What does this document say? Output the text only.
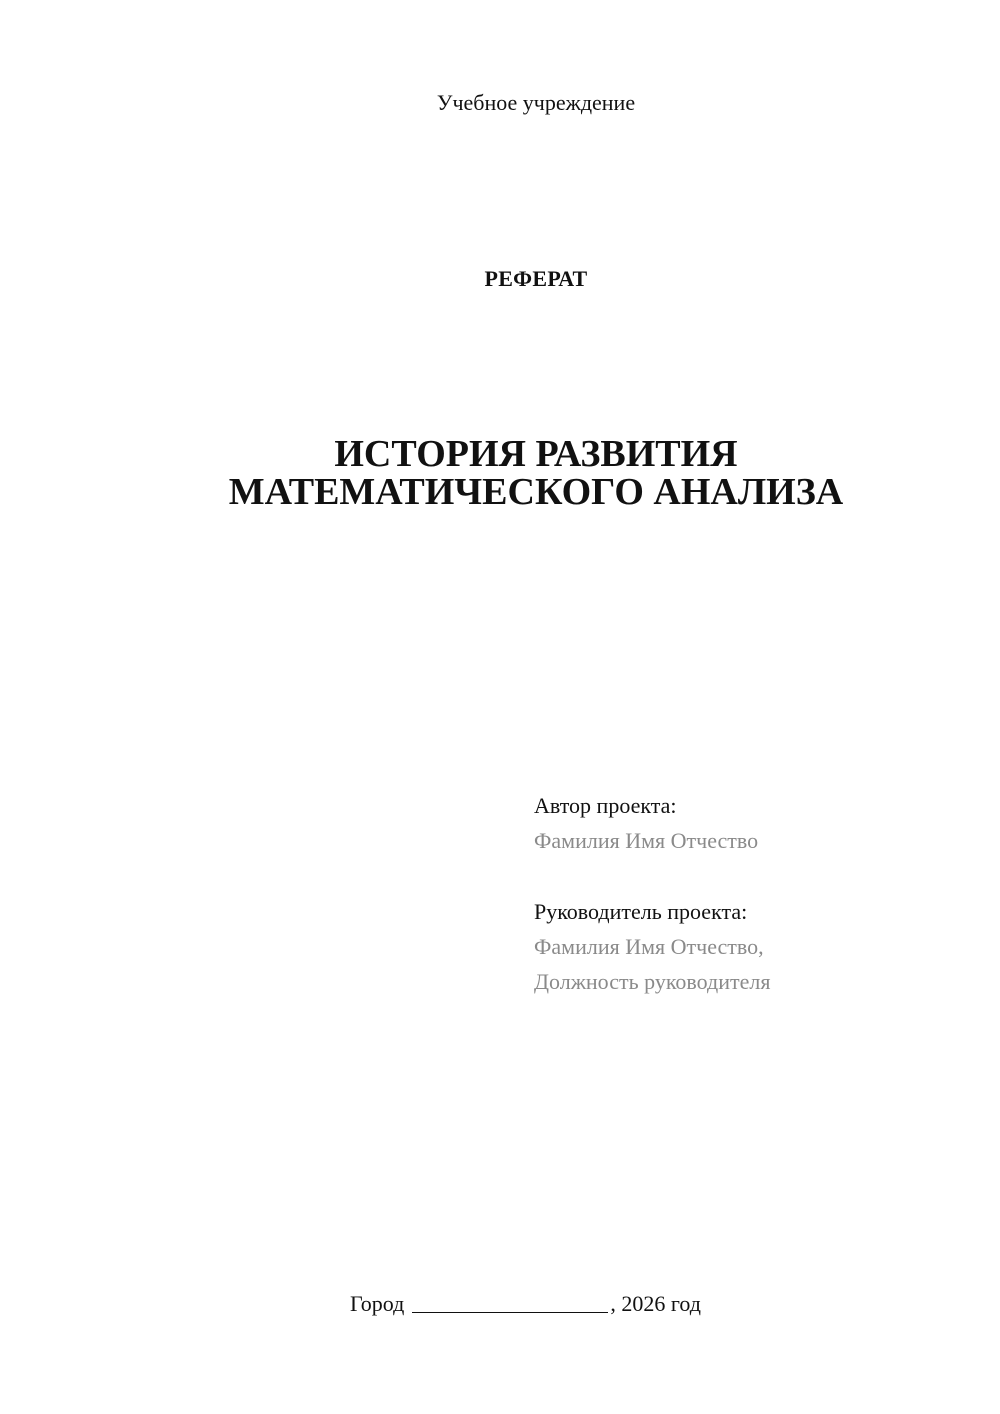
Учебное учреждение
РЕФЕРАТ
ИСТОРИЯ РАЗВИТИЯ
МАТЕМАТИЧЕСКОГО АНАЛИЗА
Автор проекта:
Фамилия Имя Отчество
Руководитель проекта:
Фамилия Имя Отчество,
Должность руководителя
Город	, 2026 год
